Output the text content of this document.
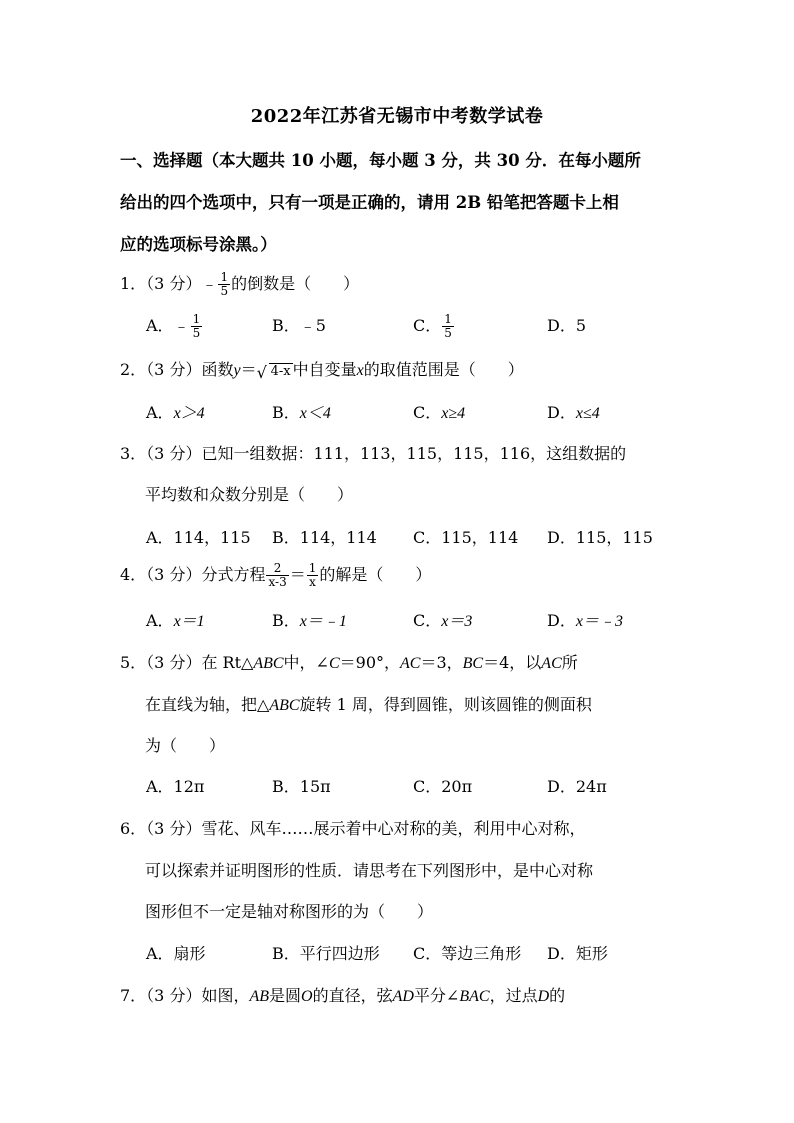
2022年江苏省无锡市中考数学试卷
一、选择题（本大题共 10 小题，每小题 3 分，共 30 分．在每小题所
给出的四个选项中，只有一项是正确的，请用 2B 铅笔把答题卡上相
应的选项标号涂黑。）
1．（3 分）﹣ $\frac{1}{5}$ 的倒数是（　　）
A．﹣ $\frac{1}{5}$	B．﹣5	C． $\frac{1}{5}$	D．5
2．（3 分）函数y＝ √ 4-x 中自变量x的取值范围是（　　）
A．x＞4	B．x＜4	C．x≥4	D．x≤4
3．（3 分）已知一组数据：111，113，115，115，116，这组数据的
平均数和众数分别是（　　）
A．114，115 B．114，114 C．115，114 D．115，115
4．（3 分）分式方程 $\frac{2}{x-3} = \frac{1}{x}$ 的解是（　　）
A．x＝1	B．x＝﹣1	C．x＝3	D．x＝﹣3
5．（3 分）在 Rt△ABC中，∠C＝90°，AC＝3，BC＝4，以AC所
在直线为轴，把△ABC旋转 1 周，得到圆锥，则该圆锥的侧面积
为（　　）
A．12π	B．15π	C．20π	D．24π
6．（3 分）雪花、风车……展示着中心对称的美，利用中心对称，
可以探索并证明图形的性质．请思考在下列图形中，是中心对称
图形但不一定是轴对称图形的为（　　）
A．扇形	B．平行四边形 C．等边三角形 D．矩形
7．（3 分）如图，AB是圆O的直径，弦AD平分∠BAC，过点D的
